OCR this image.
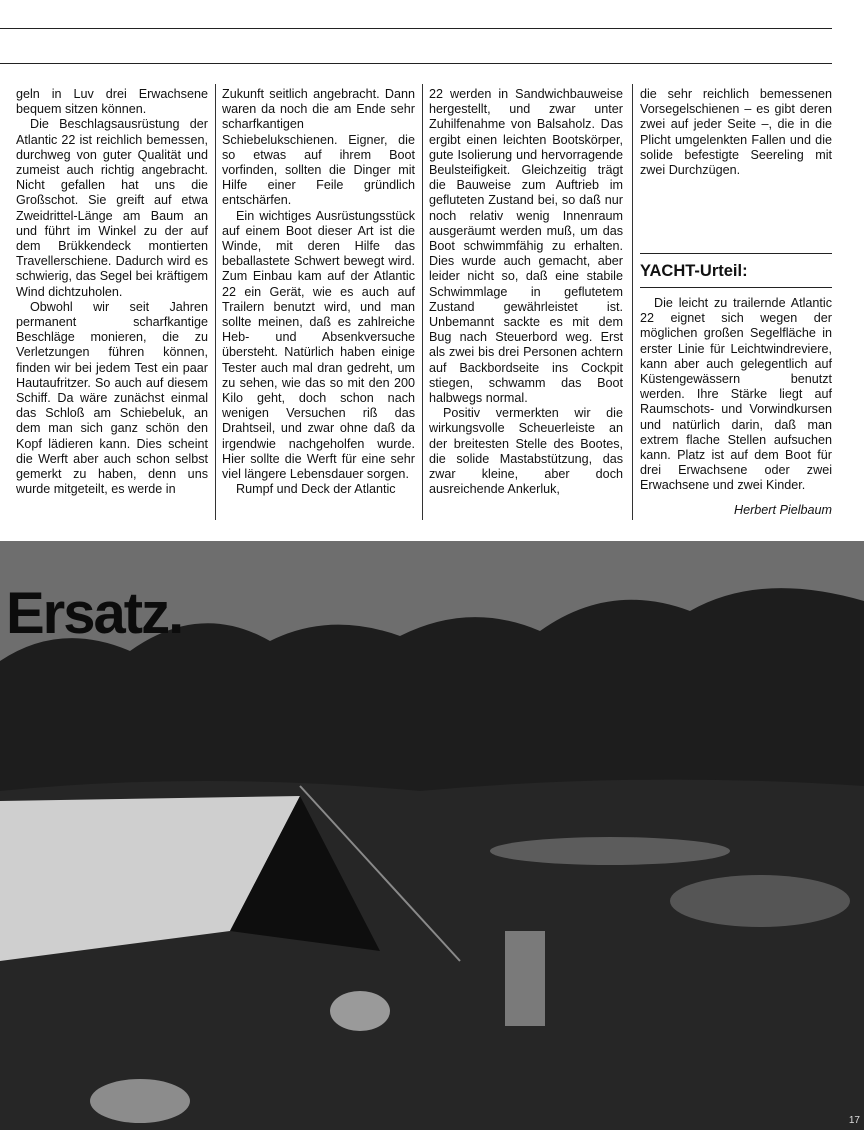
geln in Luv drei Erwachsene bequem sitzen können.

Die Beschlagsausrüstung der Atlantic 22 ist reichlich bemessen, durchweg von guter Qualität und zumeist auch richtig angebracht. Nicht gefallen hat uns die Großschot. Sie greift auf etwa Zweidrittel-Länge am Baum an und führt im Winkel zu der auf dem Brükkendeck montierten Travellerschiene. Dadurch wird es schwierig, das Segel bei kräftigem Wind dichtzuholen.

Obwohl wir seit Jahren permanent scharfkantige Beschläge monieren, die zu Verletzungen führen können, finden wir bei jedem Test ein paar Hautaufritzer. So auch auf diesem Schiff. Da wäre zunächst einmal das Schloß am Schiebeluk, an dem man sich ganz schön den Kopf lädieren kann. Dies scheint die Werft aber auch schon selbst gemerkt zu haben, denn uns wurde mitgeteilt, es werde in

Zukunft seitlich angebracht. Dann waren da noch die am Ende sehr scharfkantigen Schiebelukschienen. Eigner, die so etwas auf ihrem Boot vorfinden, sollten die Dinger mit Hilfe einer Feile gründlich entschärfen.

Ein wichtiges Ausrüstungsstück auf einem Boot dieser Art ist die Winde, mit deren Hilfe das beballastete Schwert bewegt wird. Zum Einbau kam auf der Atlantic 22 ein Gerät, wie es auch auf Trailern benutzt wird, und man sollte meinen, daß es zahlreiche Heb- und Absenkversuche übersteht. Natürlich haben einige Tester auch mal dran gedreht, um zu sehen, wie das so mit den 200 Kilo geht, doch schon nach wenigen Versuchen riß das Drahtseil, und zwar ohne daß da irgendwie nachgeholfen wurde. Hier sollte die Werft für eine sehr viel längere Lebensdauer sorgen.

Rumpf und Deck der Atlantic

22 werden in Sandwichbauweise hergestellt, und zwar unter Zuhilfenahme von Balsaholz. Das ergibt einen leichten Bootskörper, gute Isolierung und hervorragende Beulsteifigkeit. Gleichzeitig trägt die Bauweise zum Auftrieb im gefluteten Zustand bei, so daß nur noch relativ wenig Innenraum ausgeräumt werden muß, um das Boot schwimmfähig zu erhalten. Dies wurde auch gemacht, aber leider nicht so, daß eine stabile Schwimmlage in geflutetem Zustand gewährleistet ist. Unbemannt sackte es mit dem Bug nach Steuerbord weg. Erst als zwei bis drei Personen achtern auf Backbordseite ins Cockpit stiegen, schwamm das Boot halbwegs normal.

Positiv vermerkten wir die wirkungsvolle Scheuerleiste an der breitesten Stelle des Bootes, die solide Mastabstützung, das zwar kleine, aber doch ausreichende Ankerluk,

die sehr reichlich bemessenen Vorsegelschienen – es gibt deren zwei auf jeder Seite –, die in die Plicht umgelenkten Fallen und die solide befestigte Seereling mit zwei Durchzügen.

YACHT-Urteil:

Die leicht zu trailernde Atlantic 22 eignet sich wegen der möglichen großen Segelfläche in erster Linie für Leichtwindreviere, kann aber auch gelegentlich auf Küstengewässern benutzt werden. Ihre Stärke liegt auf Raumschots- und Vorwindkursen und natürlich darin, daß man extrem flache Stellen aufsuchen kann. Platz ist auf dem Boot für drei Erwachsene oder zwei Erwachsene und zwei Kinder.

Herbert Pielbaum
Ersatz.
17
